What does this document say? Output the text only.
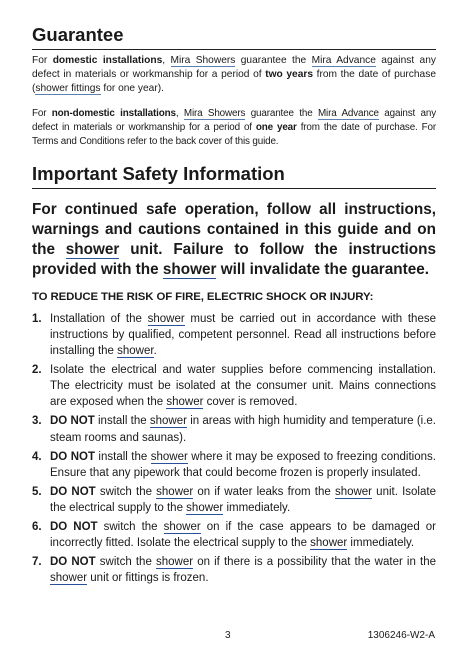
Guarantee

For domestic installations, Mira Showers guarantee the Mira Advance against any defect in materials or workmanship for a period of two years from the date of purchase (shower fittings for one year).

For non-domestic installations, Mira Showers guarantee the Mira Advance against any defect in materials or workmanship for a period of one year from the date of purchase. For Terms and Conditions refer to the back cover of this guide.

Important Safety Information

For continued safe operation, follow all instructions, warnings and cautions contained in this guide and on the shower unit. Failure to follow the instructions provided with the shower will invalidate the guarantee.

TO REDUCE THE RISK OF FIRE, ELECTRIC SHOCK OR INJURY:

1. Installation of the shower must be carried out in accordance with these instructions by qualified, competent personnel. Read all instructions before installing the shower.
2. Isolate the electrical and water supplies before commencing installation. The electricity must be isolated at the consumer unit. Mains connections are exposed when the shower cover is removed.
3. DO NOT install the shower in areas with high humidity and temperature (i.e. steam rooms and saunas).
4. DO NOT install the shower where it may be exposed to freezing conditions. Ensure that any pipework that could become frozen is properly insulated.
5. DO NOT switch the shower on if water leaks from the shower unit. Isolate the electrical supply to the shower immediately.
6. DO NOT switch the shower on if the case appears to be damaged or incorrectly fitted. Isolate the electrical supply to the shower immediately.
7. DO NOT switch the shower on if there is a possibility that the water in the shower unit or fittings is frozen.
3	1306246-W2-A
